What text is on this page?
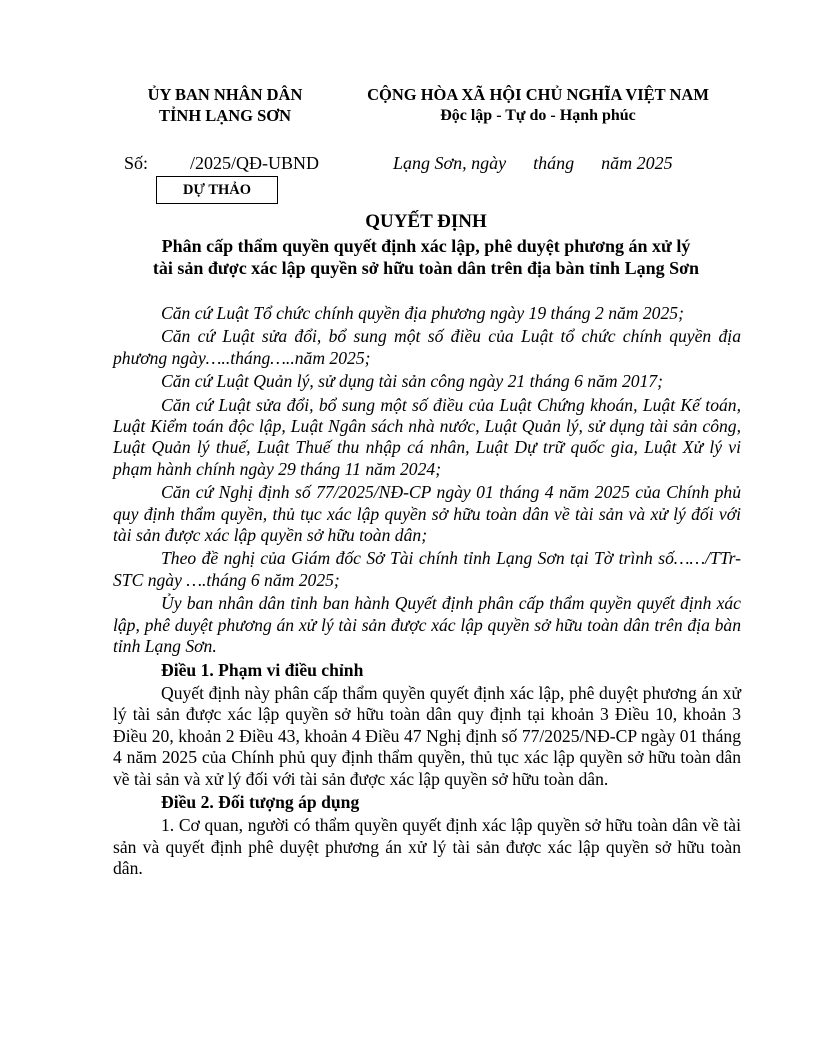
ỦY BAN NHÂN DÂN
TỈNH LẠNG SƠN
CỘNG HÒA XÃ HỘI CHỦ NGHĨA VIỆT NAM
Độc lập - Tự do - Hạnh phúc
Số: /2025/QĐ-UBND	Lạng Sơn, ngày      tháng      năm 2025
DỰ THẢO
QUYẾT ĐỊNH
Phân cấp thẩm quyền quyết định xác lập, phê duyệt phương án xử lý
tài sản được xác lập quyền sở hữu toàn dân trên địa bàn tỉnh Lạng Sơn

Căn cứ Luật Tổ chức chính quyền địa phương ngày 19 tháng 2 năm 2025;

Căn cứ Luật sửa đổi, bổ sung một số điều của Luật tổ chức chính quyền địa phương ngày…..tháng…..năm 2025;

Căn cứ Luật Quản lý, sử dụng tài sản công ngày 21 tháng 6 năm 2017;

Căn cứ Luật sửa đổi, bổ sung một số điều của Luật Chứng khoán, Luật Kế toán, Luật Kiểm toán độc lập, Luật Ngân sách nhà nước, Luật Quản lý, sử dụng tài sản công, Luật Quản lý thuế, Luật Thuế thu nhập cá nhân, Luật Dự trữ quốc gia, Luật Xử lý vi phạm hành chính ngày 29 tháng 11 năm 2024;

Căn cứ Nghị định số 77/2025/NĐ-CP ngày 01 tháng 4 năm 2025 của Chính phủ quy định thẩm quyền, thủ tục xác lập quyền sở hữu toàn dân về tài sản và xử lý đối với tài sản được xác lập quyền sở hữu toàn dân;

Theo đề nghị của Giám đốc Sở Tài chính tỉnh Lạng Sơn tại Tờ trình số……/TTr-STC ngày ….tháng 6 năm 2025;

Ủy ban nhân dân tỉnh ban hành Quyết định phân cấp thẩm quyền quyết định xác lập, phê duyệt phương án xử lý tài sản được xác lập quyền sở hữu toàn dân trên địa bàn tỉnh Lạng Sơn.

Điều 1. Phạm vi điều chỉnh

Quyết định này phân cấp thẩm quyền quyết định xác lập, phê duyệt phương án xử lý tài sản được xác lập quyền sở hữu toàn dân quy định tại khoản 3 Điều 10, khoản 3 Điều 20, khoản 2 Điều 43, khoản 4 Điều 47 Nghị định số 77/2025/NĐ-CP ngày 01 tháng 4 năm 2025 của Chính phủ quy định thẩm quyền, thủ tục xác lập quyền sở hữu toàn dân về tài sản và xử lý đối với tài sản được xác lập quyền sở hữu toàn dân.

Điều 2. Đối tượng áp dụng

1. Cơ quan, người có thẩm quyền quyết định xác lập quyền sở hữu toàn dân về tài sản và quyết định phê duyệt phương án xử lý tài sản được xác lập quyền sở hữu toàn dân.
